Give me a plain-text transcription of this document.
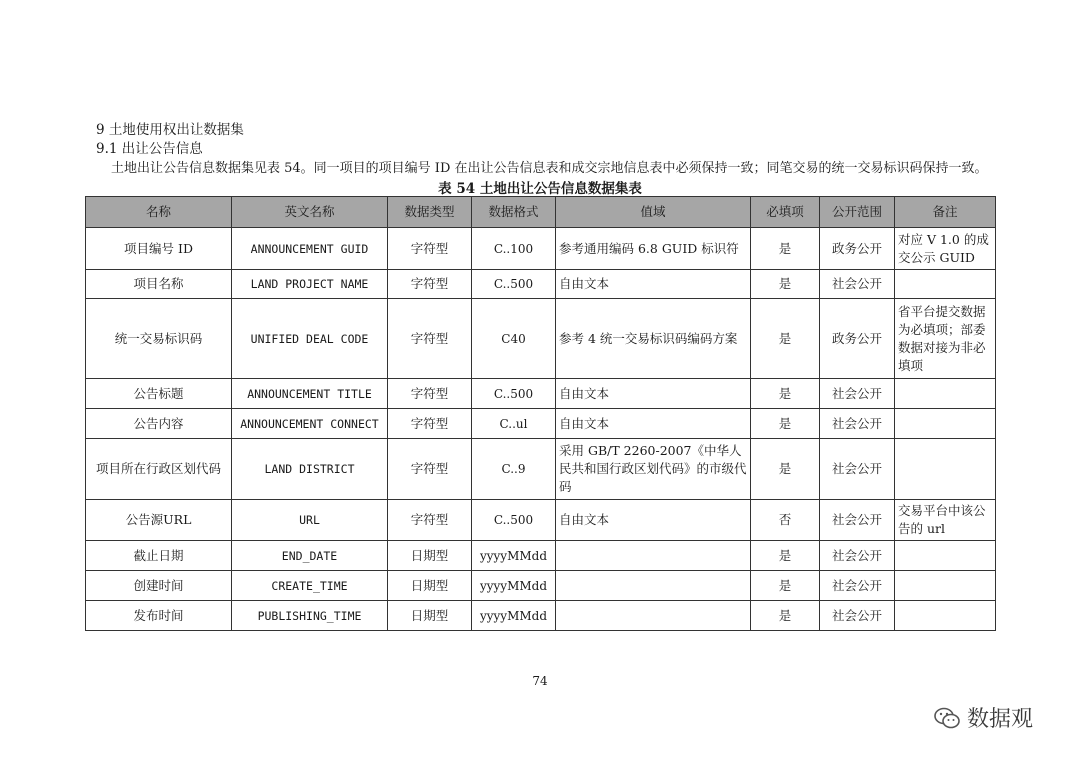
9 土地使用权出让数据集
9.1 出让公告信息
土地出让公告信息数据集见表 54。同一项目的项目编号 ID 在出让公告信息表和成交宗地信息表中必须保持一致；同笔交易的统一交易标识码保持一致。
表 54 土地出让公告信息数据集表
名称	英文名称	数据类型	数据格式	值域	必填项	公开范围	备注
项目编号 ID	ANNOUNCEMENT GUID	字符型	C..100	参考通用编码 6.8 GUID 标识符	是	政务公开	对应 V 1.0 的成交公示 GUID
项目名称	LAND PROJECT NAME	字符型	C..500	自由文本	是	社会公开	
统一交易标识码	UNIFIED DEAL CODE	字符型	C40	参考 4 统一交易标识码编码方案	是	政务公开	省平台提交数据为必填项；部委数据对接为非必填项
公告标题	ANNOUNCEMENT TITLE	字符型	C..500	自由文本	是	社会公开	
公告内容	ANNOUNCEMENT CONNECT	字符型	C..ul	自由文本	是	社会公开	
项目所在行政区划代码	LAND DISTRICT	字符型	C..9	采用 GB/T 2260-2007《中华人民共和国行政区划代码》的市级代码	是	社会公开	
公告源URL	URL	字符型	C..500	自由文本	否	社会公开	交易平台中该公告的 url
截止日期	END_DATE	日期型	yyyyMMdd		是	社会公开	
创建时间	CREATE_TIME	日期型	yyyyMMdd		是	社会公开	
发布时间	PUBLISHING_TIME	日期型	yyyyMMdd		是	社会公开	
74
数据观
